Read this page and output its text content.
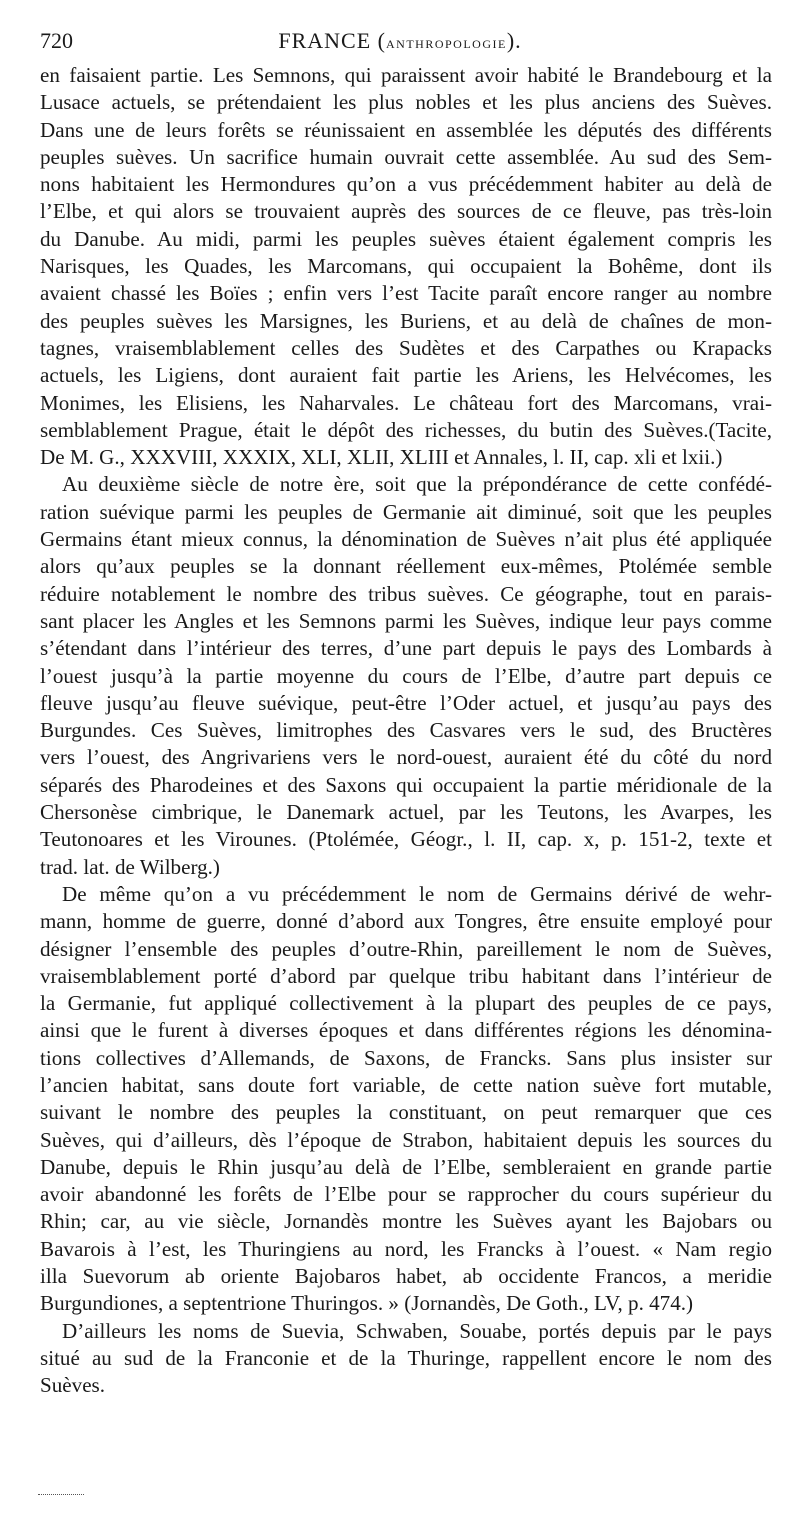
720	FRANCE (anthropologie).
en faisaient partie. Les Semnons, qui paraissent avoir habité le Brandebourg et la
Lusace actuels, se prétendaient les plus nobles et les plus anciens des Suèves.
Dans une de leurs forêts se réunissaient en assemblée les députés des différents
peuples suèves. Un sacrifice humain ouvrait cette assemblée. Au sud des Sem-
nons habitaient les Hermondures qu’on a vus précédemment habiter au delà de
l’Elbe, et qui alors se trouvaient auprès des sources de ce fleuve, pas très-loin
du Danube. Au midi, parmi les peuples suèves étaient également compris les
Narisques, les Quades, les Marcomans, qui occupaient la Bohême, dont ils
avaient chassé les Boïes ; enfin vers l’est Tacite paraît encore ranger au nombre
des peuples suèves les Marsignes, les Buriens, et au delà de chaînes de mon-
tagnes, vraisemblablement celles des Sudètes et des Carpathes ou Krapacks
actuels, les Ligiens, dont auraient fait partie les Ariens, les Helvécomes, les
Monimes, les Elisiens, les Naharvales. Le château fort des Marcomans, vrai-
semblablement Prague, était le dépôt des richesses, du butin des Suèves.(Tacite,
De M. G., XXXVIII, XXXIX, XLI, XLII, XLIII et Annales, l. II, cap. xli et lxii.)
Au deuxième siècle de notre ère, soit que la prépondérance de cette confédé-
ration suévique parmi les peuples de Germanie ait diminué, soit que les peuples
Germains étant mieux connus, la dénomination de Suèves n’ait plus été appliquée
alors qu’aux peuples se la donnant réellement eux-mêmes, Ptolémée semble
réduire notablement le nombre des tribus suèves. Ce géographe, tout en parais-
sant placer les Angles et les Semnons parmi les Suèves, indique leur pays comme
s’étendant dans l’intérieur des terres, d’une part depuis le pays des Lombards à
l’ouest jusqu’à la partie moyenne du cours de l’Elbe, d’autre part depuis ce
fleuve jusqu’au fleuve suévique, peut-être l’Oder actuel, et jusqu’au pays des
Burgundes. Ces Suèves, limitrophes des Casvares vers le sud, des Bructères
vers l’ouest, des Angrivariens vers le nord-ouest, auraient été du côté du nord
séparés des Pharodeines et des Saxons qui occupaient la partie méridionale de la
Chersonèse cimbrique, le Danemark actuel, par les Teutons, les Avarpes, les
Teutonoares et les Virounes. (Ptolémée, Géogr., l. II, cap. x, p. 151-2, texte et
trad. lat. de Wilberg.)
De même qu’on a vu précédemment le nom de Germains dérivé de wehr-
mann, homme de guerre, donné d’abord aux Tongres, être ensuite employé pour
désigner l’ensemble des peuples d’outre-Rhin, pareillement le nom de Suèves,
vraisemblablement porté d’abord par quelque tribu habitant dans l’intérieur de
la Germanie, fut appliqué collectivement à la plupart des peuples de ce pays,
ainsi que le furent à diverses époques et dans différentes régions les dénomina-
tions collectives d’Allemands, de Saxons, de Francks. Sans plus insister sur
l’ancien habitat, sans doute fort variable, de cette nation suève fort mutable,
suivant le nombre des peuples la constituant, on peut remarquer que ces
Suèves, qui d’ailleurs, dès l’époque de Strabon, habitaient depuis les sources du
Danube, depuis le Rhin jusqu’au delà de l’Elbe, sembleraient en grande partie
avoir abandonné les forêts de l’Elbe pour se rapprocher du cours supérieur du
Rhin; car, au vie siècle, Jornandès montre les Suèves ayant les Bajobars ou
Bavarois à l’est, les Thuringiens au nord, les Francks à l’ouest. « Nam regio
illa Suevorum ab oriente Bajobaros habet, ab occidente Francos, a meridie
Burgundiones, a septentrione Thuringos. » (Jornandès, De Goth., LV, p. 474.)
D’ailleurs les noms de Suevia, Schwaben, Souabe, portés depuis par le pays
situé au sud de la Franconie et de la Thuringe, rappellent encore le nom des
Suèves.
